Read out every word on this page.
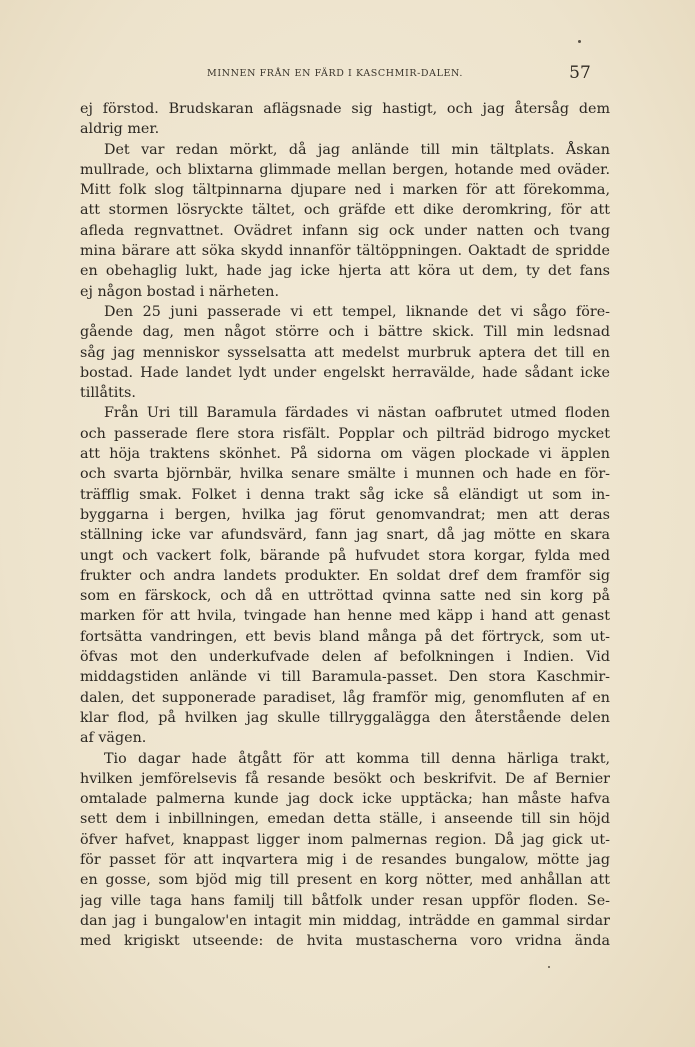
MINNEN FRÅN EN FÄRD I KASCHMIR-DALEN.	57
ej förstod. Brudskaran aflägsnade sig hastigt, och jag återsåg dem
aldrig mer.
Det var redan mörkt, då jag anlände till min tältplats. Åskan
mullrade, och blixtarna glimmade mellan bergen, hotande med oväder.
Mitt folk slog tältpinnarna djupare ned i marken för att förekomma,
att stormen lösryckte tältet, och gräfde ett dike deromkring, för att
afleda regnvattnet. Ovädret infann sig ock under natten och tvang
mina bärare att söka skydd innanför tältöppningen. Oaktadt de spridde
en obehaglig lukt, hade jag icke hjerta att köra ut dem, ty det fans
ej någon bostad i närheten.
Den 25 juni passerade vi ett tempel, liknande det vi sågo före-
gående dag, men något större och i bättre skick. Till min ledsnad
såg jag menniskor sysselsatta att medelst murbruk aptera det till en
bostad. Hade landet lydt under engelskt herravälde, hade sådant icke
tillåtits.
Från Uri till Baramula färdades vi nästan oafbrutet utmed floden
och passerade flere stora risfält. Popplar och pilträd bidrogo mycket
att höja traktens skönhet. På sidorna om vägen plockade vi äpplen
och svarta björnbär, hvilka senare smälte i munnen och hade en för-
träfflig smak. Folket i denna trakt såg icke så eländigt ut som in-
byggarna i bergen, hvilka jag förut genomvandrat; men att deras
ställning icke var afundsvärd, fann jag snart, då jag mötte en skara
ungt och vackert folk, bärande på hufvudet stora korgar, fylda med
frukter och andra landets produkter. En soldat dref dem framför sig
som en färskock, och då en uttröttad qvinna satte ned sin korg på
marken för att hvila, tvingade han henne med käpp i hand att genast
fortsätta vandringen, ett bevis bland många på det förtryck, som ut-
öfvas mot den underkufvade delen af befolkningen i Indien. Vid
middagstiden anlände vi till Baramula-passet. Den stora Kaschmir-
dalen, det supponerade paradiset, låg framför mig, genomfluten af en
klar flod, på hvilken jag skulle tillryggalägga den återstående delen
af vägen.
Tio dagar hade åtgått för att komma till denna härliga trakt,
hvilken jemförelsevis få resande besökt och beskrifvit. De af Bernier
omtalade palmerna kunde jag dock icke upptäcka; han måste hafva
sett dem i inbillningen, emedan detta ställe, i anseende till sin höjd
öfver hafvet, knappast ligger inom palmernas region. Då jag gick ut-
för passet för att inqvartera mig i de resandes bungalow, mötte jag
en gosse, som bjöd mig till present en korg nötter, med anhållan att
jag ville taga hans familj till båtfolk under resan uppför floden. Se-
dan jag i bungalow'en intagit min middag, inträdde en gammal sirdar
med krigiskt utseende: de hvita mustascherna voro vridna ända
